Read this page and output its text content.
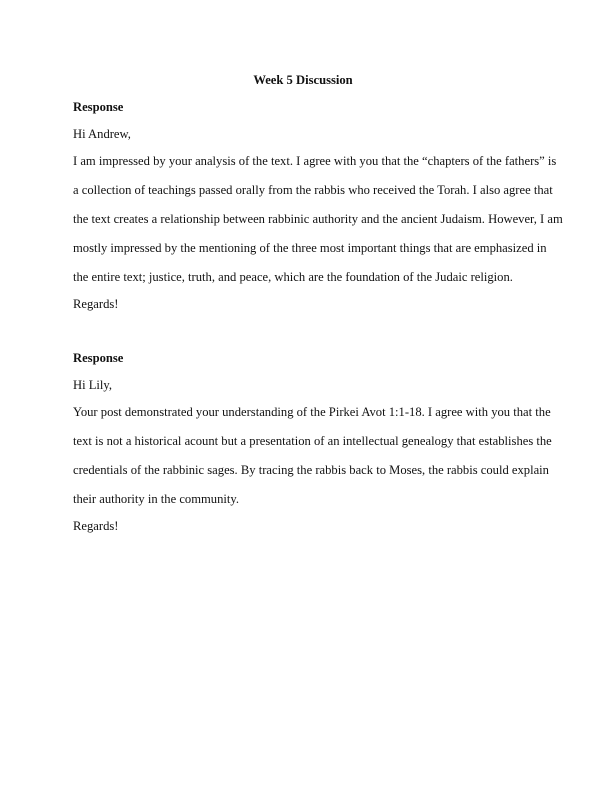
Week 5 Discussion
Response
Hi Andrew,
I am impressed by your analysis of the text. I agree with you that the “chapters of the fathers” is
a collection of teachings passed orally from the rabbis who received the Torah. I also agree that
the text creates a relationship between rabbinic authority and the ancient Judaism. However, I am
mostly impressed by the mentioning of the three most important things that are emphasized in
the entire text; justice, truth, and peace, which are the foundation of the Judaic religion.
Regards!
Response
Hi Lily,
Your post demonstrated your understanding of the Pirkei Avot 1:1-18. I agree with you that the
text is not a historical acount but a presentation of an intellectual genealogy that establishes the
credentials of the rabbinic sages. By tracing the rabbis back to Moses, the rabbis could explain
their authority in the community.
Regards!
